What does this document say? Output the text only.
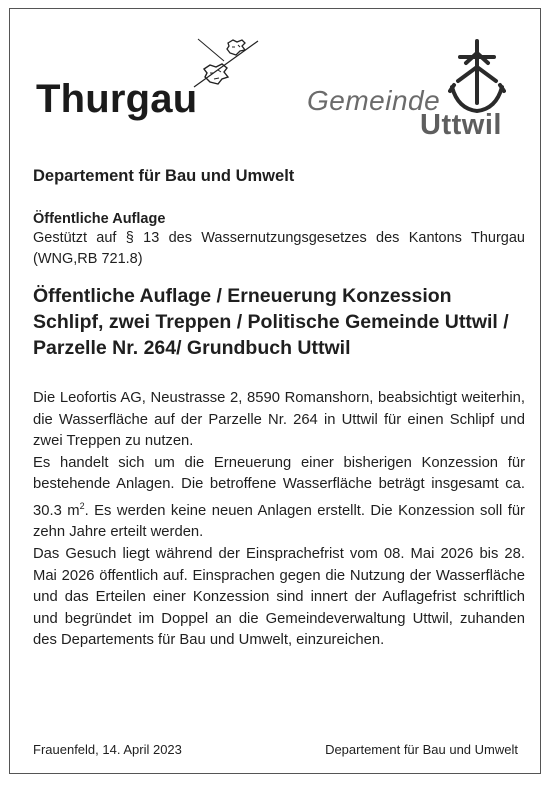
Thurgau	Gemeinde
Uttwil
Departement für Bau und Umwelt
Öffentliche Auflage

Gestützt auf § 13 des Wassernutzungsgesetzes des Kantons Thurgau (WNG,RB 721.8)

Öffentliche Auflage / Erneuerung Konzession Schlipf, zwei Treppen / Politische Gemeinde Uttwil / Parzelle Nr. 264/ Grundbuch Uttwil

Die Leofortis AG, Neustrasse 2, 8590 Romanshorn, beabsichtigt weiterhin, die Wasserfläche auf der Parzelle Nr. 264 in Uttwil für einen Schlipf und zwei Treppen zu nutzen.

Es handelt sich um die Erneuerung einer bisherigen Konzession für bestehende Anlagen. Die betroffene Wasserfläche beträgt insgesamt ca. 30.3 $m^2$. Es werden keine neuen Anlagen erstellt. Die Konzession soll für zehn Jahre erteilt werden.

Das Gesuch liegt während der Einsprachefrist vom 08. Mai 2026 bis 28. Mai 2026 öffentlich auf. Einsprachen gegen die Nutzung der Wasserfläche und das Erteilen einer Konzession sind innert der Auflagefrist schriftlich und begründet im Doppel an die Gemeindeverwaltung Uttwil, zuhanden des Departements für Bau und Umwelt, einzureichen.

Frauenfeld, 14. April 2023	Departement für Bau und Umwelt
